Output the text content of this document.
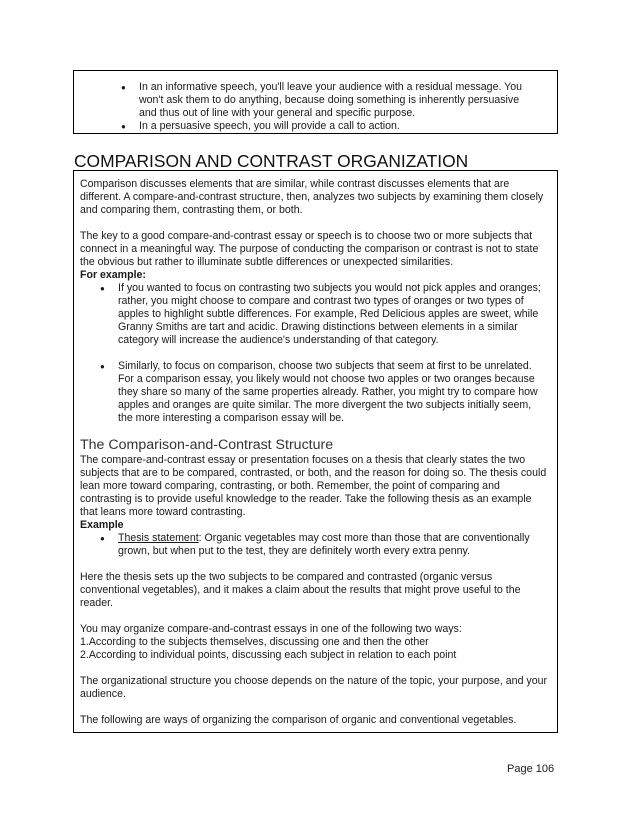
● In an informative speech, you'll leave your audience with a residual message. You won't ask them to do anything, because doing something is inherently persuasive and thus out of line with your general and specific purpose.
● In a persuasive speech, you will provide a call to action.
COMPARISON AND CONTRAST ORGANIZATION

Comparison discusses elements that are similar, while contrast discusses elements that are different. A compare-and-contrast structure, then, analyzes two subjects by examining them closely and comparing them, contrasting them, or both.

The key to a good compare-and-contrast essay or speech is to choose two or more subjects that connect in a meaningful way. The purpose of conducting the comparison or contrast is not to state the obvious but rather to illuminate subtle differences or unexpected similarities.

For example:

● If you wanted to focus on contrasting two subjects you would not pick apples and oranges; rather, you might choose to compare and contrast two types of oranges or two types of apples to highlight subtle differences. For example, Red Delicious apples are sweet, while Granny Smiths are tart and acidic. Drawing distinctions between elements in a similar category will increase the audience's understanding of that category.

● Similarly, to focus on comparison, choose two subjects that seem at first to be unrelated. For a comparison essay, you likely would not choose two apples or two oranges because they share so many of the same properties already. Rather, you might try to compare how apples and oranges are quite similar. The more divergent the two subjects initially seem, the more interesting a comparison essay will be.

The Comparison-and-Contrast Structure

The compare-and-contrast essay or presentation focuses on a thesis that clearly states the two subjects that are to be compared, contrasted, or both, and the reason for doing so. The thesis could lean more toward comparing, contrasting, or both. Remember, the point of comparing and contrasting is to provide useful knowledge to the reader. Take the following thesis as an example that leans more toward contrasting.

Example

● Thesis statement: Organic vegetables may cost more than those that are conventionally grown, but when put to the test, they are definitely worth every extra penny.

Here the thesis sets up the two subjects to be compared and contrasted (organic versus conventional vegetables), and it makes a claim about the results that might prove useful to the reader.

You may organize compare-and-contrast essays in one of the following two ways:

1.According to the subjects themselves, discussing one and then the other

2.According to individual points, discussing each subject in relation to each point

The organizational structure you choose depends on the nature of the topic, your purpose, and your audience.

The following are ways of organizing the comparison of organic and conventional vegetables.

Page 106
